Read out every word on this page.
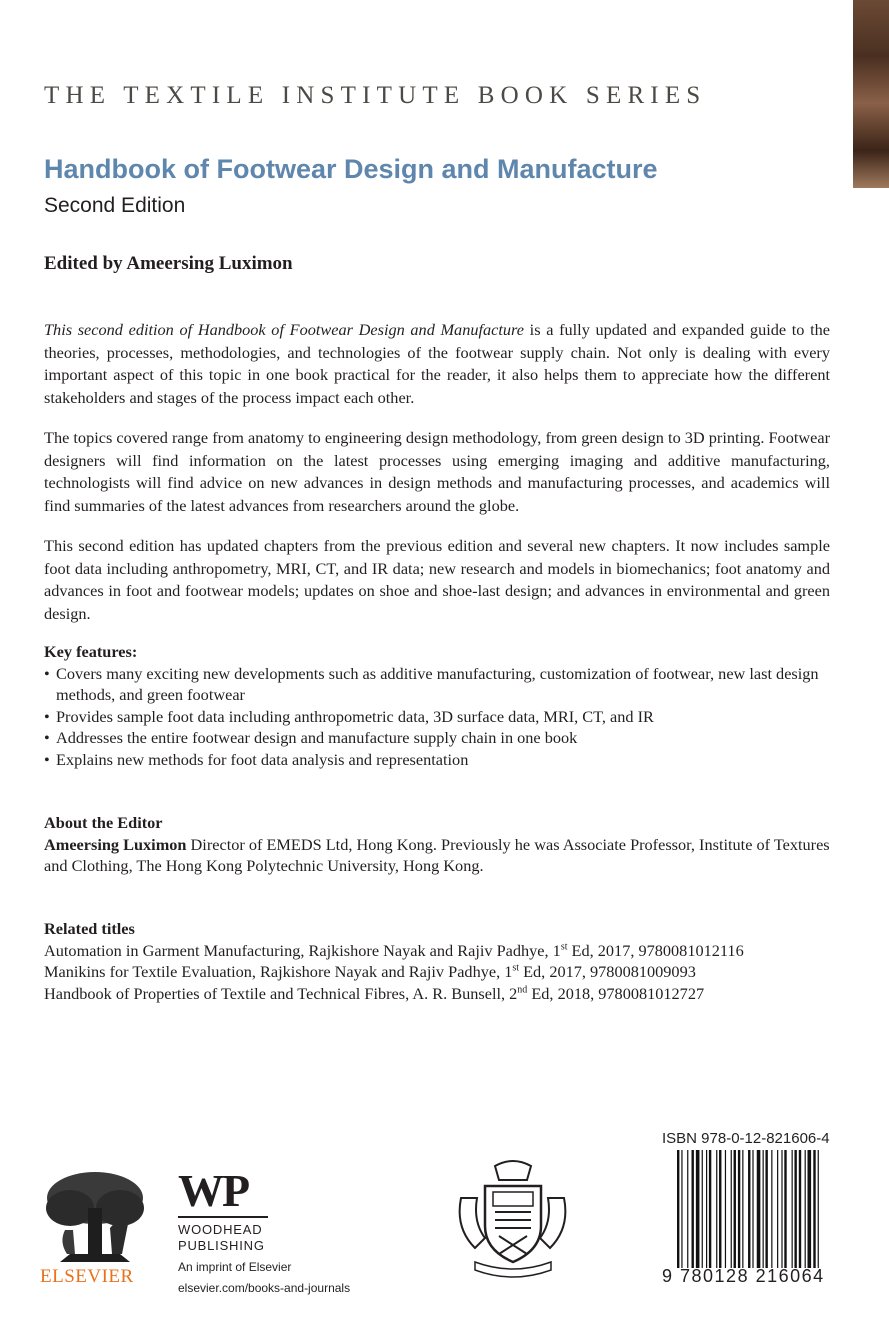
THE TEXTILE INSTITUTE BOOK SERIES
Handbook of Footwear Design and Manufacture
Second Edition
Edited by Ameersing Luximon
This second edition of Handbook of Footwear Design and Manufacture is a fully updated and expanded guide to the theories, processes, methodologies, and technologies of the footwear supply chain. Not only is dealing with every important aspect of this topic in one book practical for the reader, it also helps them to appreciate how the different stakeholders and stages of the process impact each other.
The topics covered range from anatomy to engineering design methodology, from green design to 3D printing. Footwear designers will find information on the latest processes using emerging imaging and additive manufacturing, technologists will find advice on new advances in design methods and manufacturing processes, and academics will find summaries of the latest advances from researchers around the globe.
This second edition has updated chapters from the previous edition and several new chapters. It now includes sample foot data including anthropometry, MRI, CT, and IR data; new research and models in biomechanics; foot anatomy and advances in foot and footwear models; updates on shoe and shoe-last design; and advances in environmental and green design.
Key features:
• Covers many exciting new developments such as additive manufacturing, customization of footwear, new last design methods, and green footwear
• Provides sample foot data including anthropometric data, 3D surface data, MRI, CT, and IR
• Addresses the entire footwear design and manufacture supply chain in one book
• Explains new methods for foot data analysis and representation
About the Editor
Ameersing Luximon Director of EMEDS Ltd, Hong Kong. Previously he was Associate Professor, Institute of Textures and Clothing, The Hong Kong Polytechnic University, Hong Kong.
Related titles
Automation in Garment Manufacturing, Rajkishore Nayak and Rajiv Padhye, 1st Ed, 2017, 9780081012116
Manikins for Textile Evaluation, Rajkishore Nayak and Rajiv Padhye, 1st Ed, 2017, 9780081009093
Handbook of Properties of Textile and Technical Fibres, A. R. Bunsell, 2nd Ed, 2018, 9780081012727
ELSEVIER
WP
WOODHEAD
PUBLISHING
An imprint of Elsevier
elsevier.com/books-and-journals
ISBN 978-0-12-821606-4
9 780128 216064
